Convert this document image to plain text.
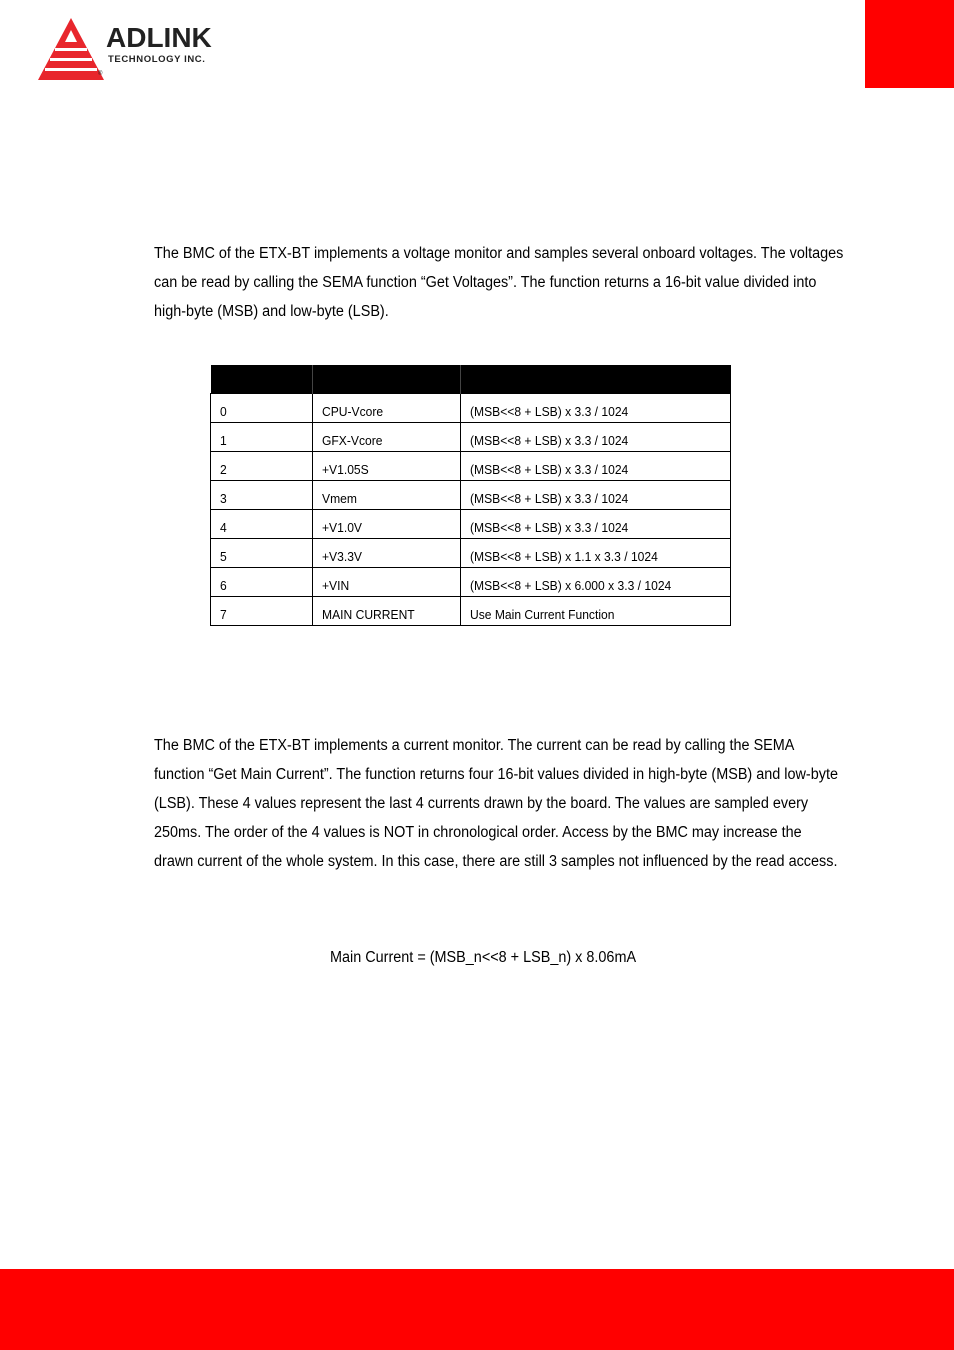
ADLINK
TECHNOLOGY INC.
®

The BMC of the ETX-BT implements a voltage monitor and samples several onboard voltages. The voltages can be read by calling the SEMA function “Get Voltages”. The function returns a 16-bit value divided into high-byte (MSB) and low-byte (LSB).

0	CPU-Vcore	(MSB<<8 + LSB) x 3.3 / 1024
1	GFX-Vcore	(MSB<<8 + LSB) x 3.3 / 1024
2	+V1.05S	(MSB<<8 + LSB) x 3.3 / 1024
3	Vmem	(MSB<<8 + LSB) x 3.3 / 1024
4	+V1.0V	(MSB<<8 + LSB) x 3.3 / 1024
5	+V3.3V	(MSB<<8 + LSB) x 1.1 x 3.3 / 1024
6	+VIN	(MSB<<8 + LSB) x 6.000 x 3.3 / 1024
7	MAIN CURRENT	Use Main Current Function

The BMC of the ETX-BT implements a current monitor. The current can be read by calling the SEMA function “Get Main Current”. The function returns four 16-bit values divided in high-byte (MSB) and low-byte (LSB). These 4 values represent the last 4 currents drawn by the board. The values are sampled every 250ms. The order of the 4 values is NOT in chronological order. Access by the BMC may increase the drawn current of the whole system. In this case, there are still 3 samples not influenced by the read access.

Main Current = (MSB_n<<8 + LSB_n) x 8.06mA
